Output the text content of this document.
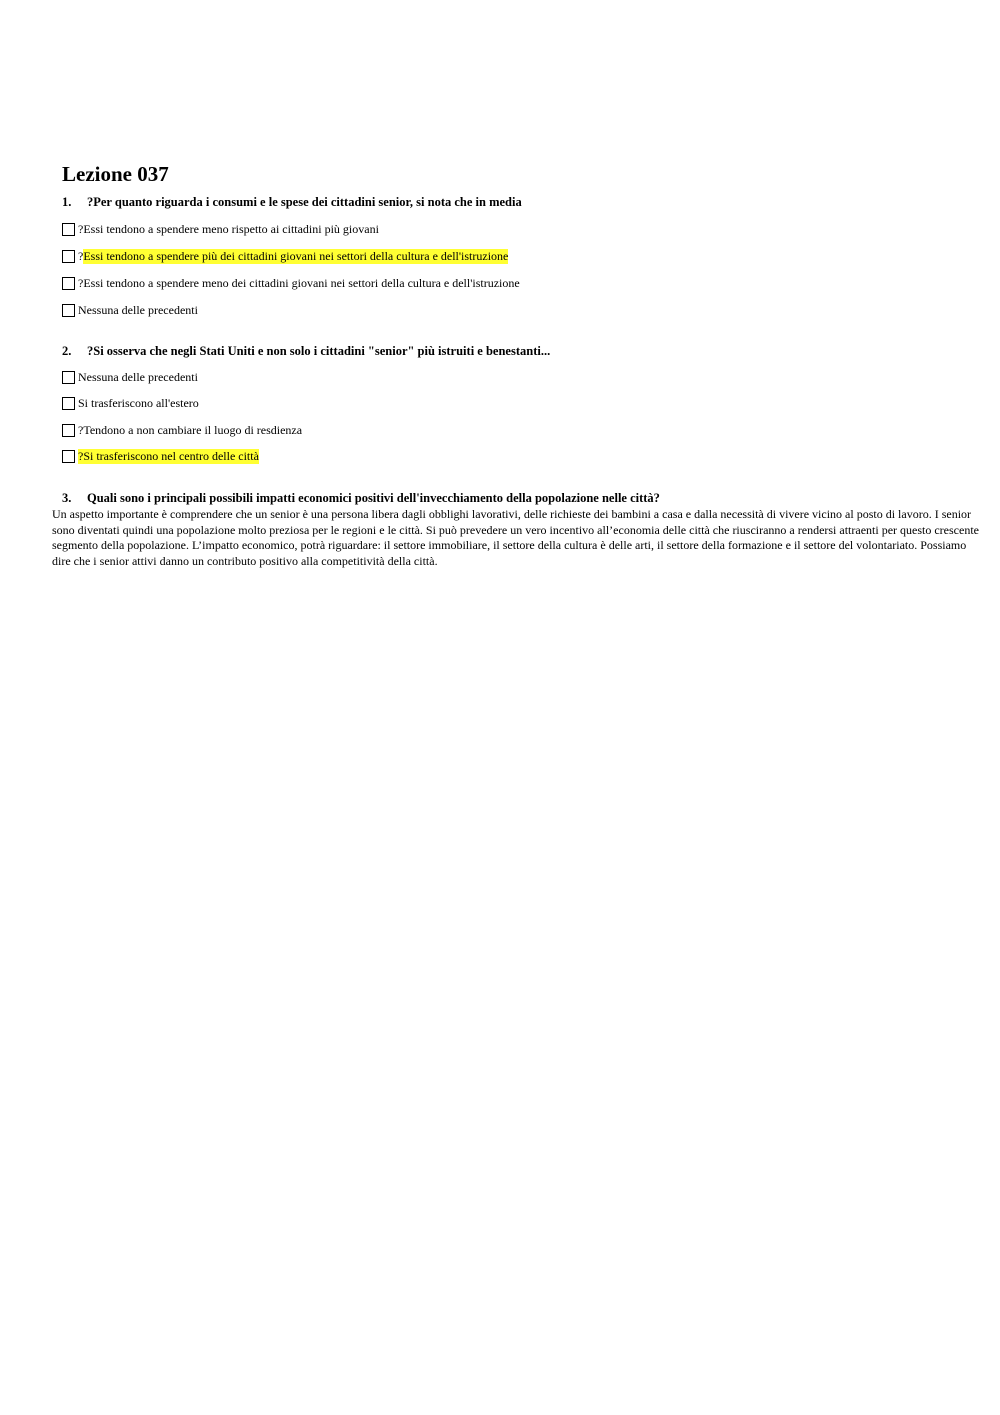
Lezione 037
1. ?Per quanto riguarda i consumi e le spese dei cittadini senior, si nota che in media
? Essi tendono a spendere meno rispetto ai cittadini più giovani
? Essi tendono a spendere più dei cittadini giovani nei settori della cultura e dell'istruzione
? Essi tendono a spendere meno dei cittadini giovani nei settori della cultura e dell'istruzione
Nessuna delle precedenti
2. ?Si osserva che negli Stati Uniti e non solo i cittadini "senior" più istruiti e benestanti...
Nessuna delle precedenti
Si trasferiscono all'estero
? Tendono a non cambiare il luogo di resdienza
? Si trasferiscono nel centro delle città
3. Quali sono i principali possibili impatti economici positivi dell'invecchiamento della popolazione nelle città?

Un aspetto importante è comprendere che un senior è una persona libera dagli obblighi lavorativi, delle richieste dei bambini a casa e dalla necessità di vivere vicino al posto di lavoro. I senior sono diventati quindi una popolazione molto preziosa per le regioni e le città. Si può prevedere un vero incentivo all’economia delle città che riusciranno a rendersi attraenti per questo crescente segmento della popolazione. L’impatto economico, potrà riguardare: il settore immobiliare, il settore della cultura è delle arti, il settore della formazione e il settore del volontariato. Possiamo dire che i senior attivi danno un contributo positivo alla competitività della città.
